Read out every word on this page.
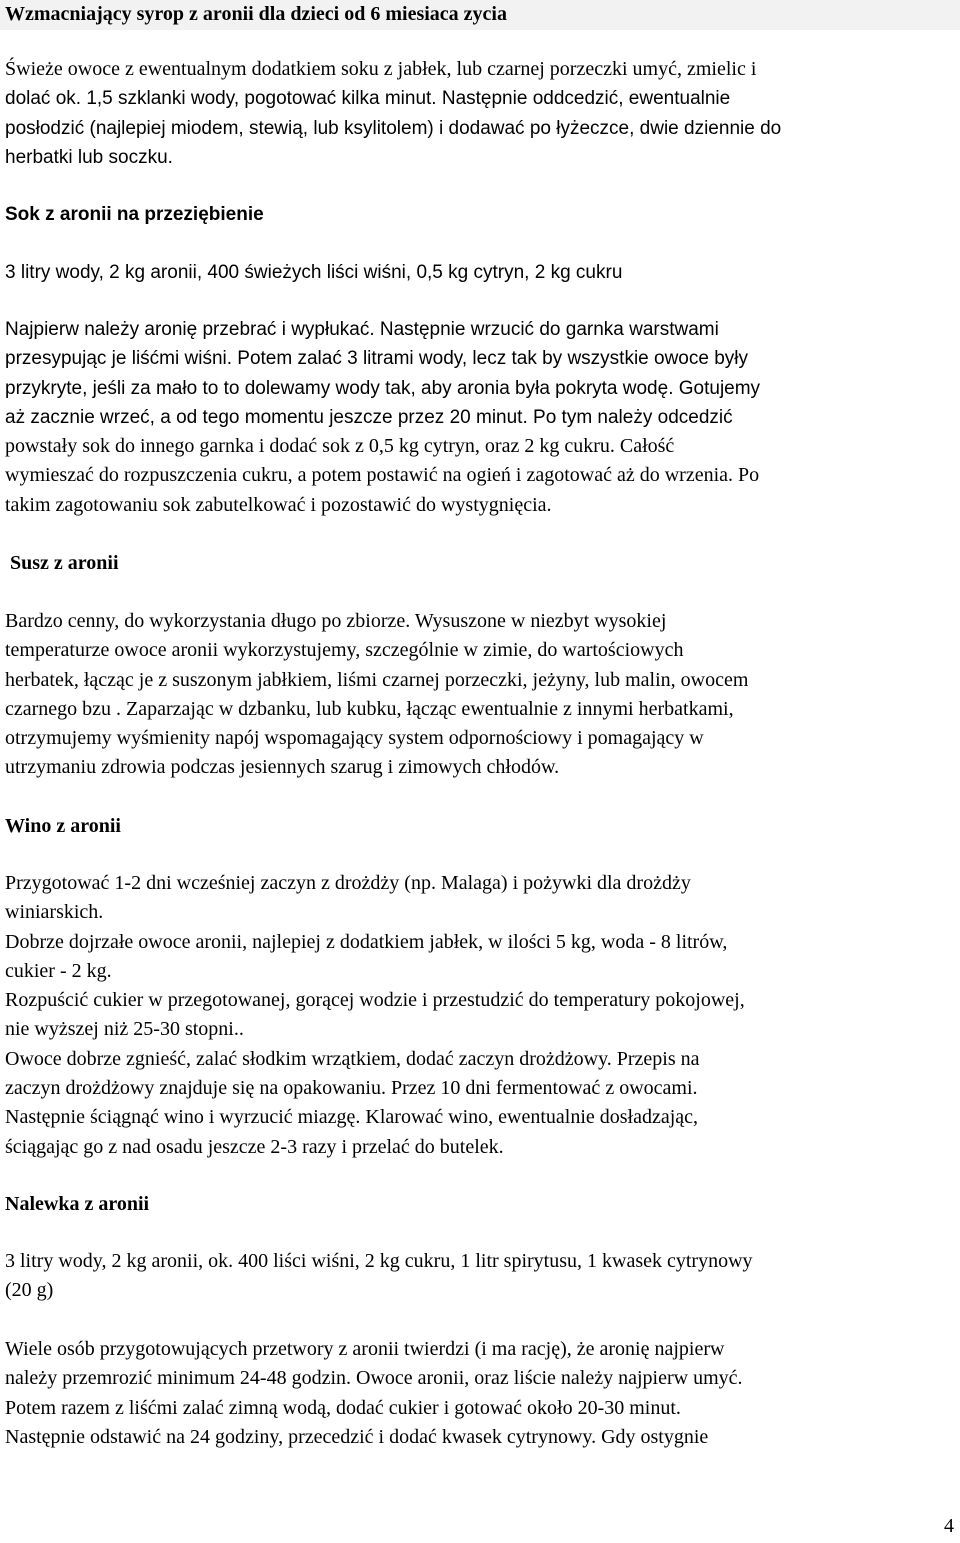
Wzmacniający syrop z aronii dla dzieci od 6 miesiaca zycia
Świeże owoce z ewentualnym dodatkiem soku z jabłek, lub czarnej porzeczki umyć, zmielic i
dolać ok. 1,5 szklanki wody, pogotować kilka minut. Następnie oddcedzić, ewentualnie
posłodzić (najlepiej miodem, stewią, lub ksylitolem) i dodawać po łyżeczce, dwie dziennie do
herbatki lub soczku.
Sok z aronii na przeziębienie
3 litry wody, 2 kg aronii, 400 świeżych liści wiśni, 0,5 kg cytryn, 2 kg cukru
Najpierw należy aronię przebrać i wypłukać. Następnie wrzucić do garnka warstwami
przesypując je liśćmi wiśni. Potem zalać 3 litrami wody, lecz tak by wszystkie owoce były
przykryte, jeśli za mało to to dolewamy wody tak, aby aronia była pokryta wodę. Gotujemy
aż zacznie wrzeć, a od tego momentu jeszcze przez 20 minut. Po tym należy odcedzić
powstały sok do innego garnka i dodać sok z 0,5 kg cytryn, oraz 2 kg cukru. Całość
wymieszać do rozpuszczenia cukru, a potem postawić na ogień i zagotować aż do wrzenia. Po
takim zagotowaniu sok zabutelkować i pozostawić do wystygnięcia.
Susz z aronii
Bardzo cenny, do wykorzystania długo po zbiorze. Wysuszone w niezbyt wysokiej
temperaturze owoce aronii wykorzystujemy, szczególnie w zimie, do wartościowych
herbatek, łącząc je z suszonym jabłkiem, liśmi czarnej porzeczki, jeżyny, lub malin, owocem
czarnego bzu . Zaparzając w dzbanku, lub kubku, łącząc ewentualnie z innymi herbatkami,
otrzymujemy wyśmienity napój wspomagający system odpornościowy i pomagający w
utrzymaniu zdrowia podczas jesiennych szarug i zimowych chłodów.
Wino z aronii
Przygotować 1-2 dni wcześniej zaczyn z drożdży (np. Malaga) i pożywki dla drożdży
winiarskich.
Dobrze dojrzałe owoce aronii, najlepiej z dodatkiem jabłek, w ilości 5 kg, woda - 8 litrów,
cukier - 2 kg.
Rozpuścić cukier w przegotowanej, gorącej wodzie i przestudzić do temperatury pokojowej,
nie wyższej niż 25-30 stopni..
Owoce dobrze zgnieść, zalać słodkim wrzątkiem, dodać zaczyn drożdżowy. Przepis na
zaczyn drożdżowy znajduje się na opakowaniu. Przez 10 dni fermentować z owocami.
Następnie ściągnąć wino i wyrzucić miazgę. Klarować wino, ewentualnie dosładzając,
ściągając go z nad osadu jeszcze 2-3 razy i przelać do butelek.
Nalewka z aronii
3 litry wody, 2 kg aronii, ok. 400 liści wiśni, 2 kg cukru, 1 litr spirytusu, 1 kwasek cytrynowy
(20 g)
Wiele osób przygotowujących przetwory z aronii twierdzi (i ma rację), że aronię najpierw
należy przemrozić minimum 24-48 godzin. Owoce aronii, oraz liście należy najpierw umyć.
Potem razem z liśćmi zalać zimną wodą, dodać cukier i gotować około 20-30 minut.
Następnie odstawić na 24 godziny, przecedzić i dodać kwasek cytrynowy. Gdy ostygnie
4
